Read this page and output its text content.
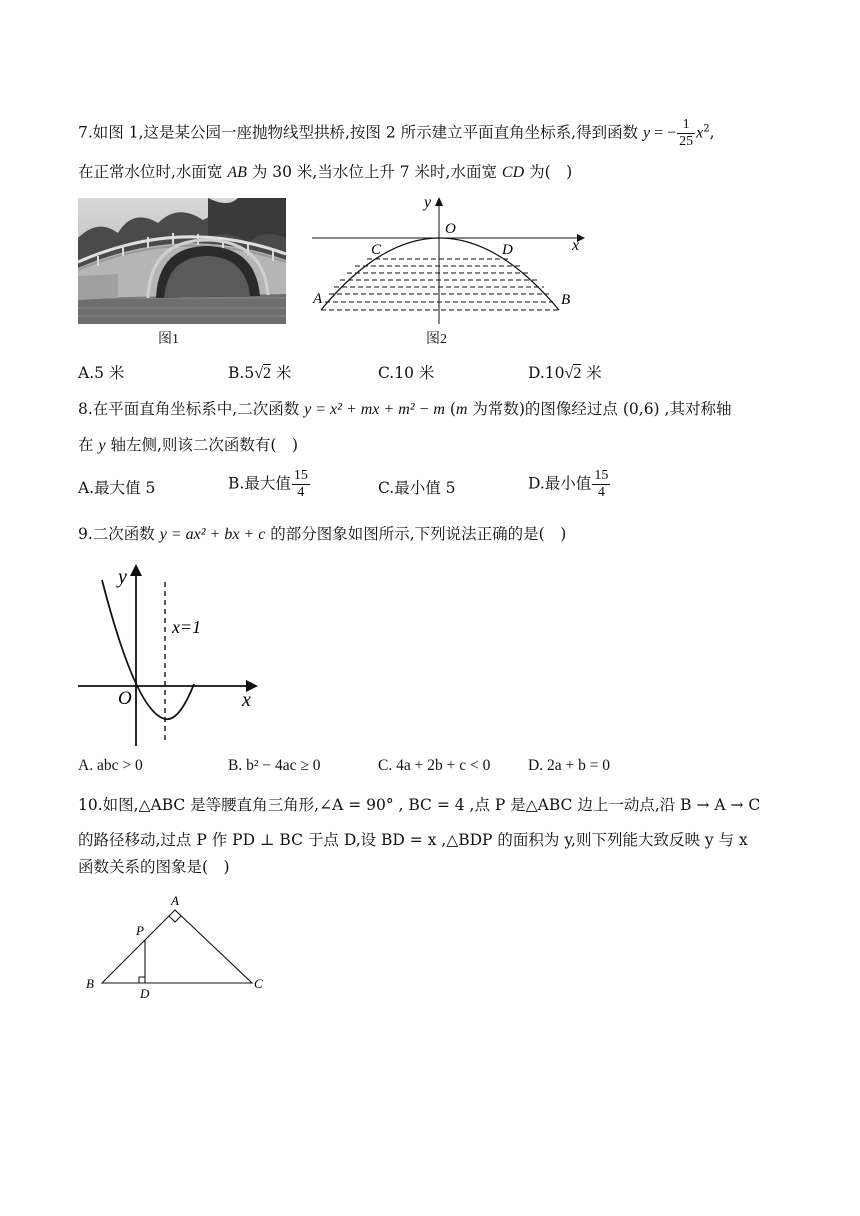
7.如图 1,这是某公园一座抛物线型拱桥,按图 2 所示建立平面直角坐标系,得到函数 y = − $\frac{1}{25} x^2$,
在正常水位时,水面宽 AB 为 30 米,当水位上升 7 米时,水面宽 CD 为(　)
图1
y
O
x
C	D
A	B
图2
A.5 米	B.5√2 米	C.10 米	D.10√2 米
8.在平面直角坐标系中,二次函数 y = x² + mx + m² − m (m 为常数)的图像经过点 (0,6) ,其对称轴
在 y 轴左侧,则该二次函数有(　)
A.最大值 5	B.最大值 $\frac{15}{4}$	C.最小值 5	D.最小值 $\frac{15}{4}$
9.二次函数 y = ax² + bx + c 的部分图象如图所示,下列说法正确的是(　)
y
x
O
x=1
A. abc > 0	B. b² − 4ac ≥ 0	C. 4a + 2b + c < 0 D. 2a + b = 0
10.如图,△ABC 是等腰直角三角形,∠A = 90° , BC = 4 ,点 P 是△ABC 边上一动点,沿 B → A → C
的路径移动,过点 P 作 PD ⊥ BC 于点 D,设 BD = x ,△BDP 的面积为 y,则下列能大致反映 y 与 x
函数关系的图象是(　)
A
B	C
D
P
